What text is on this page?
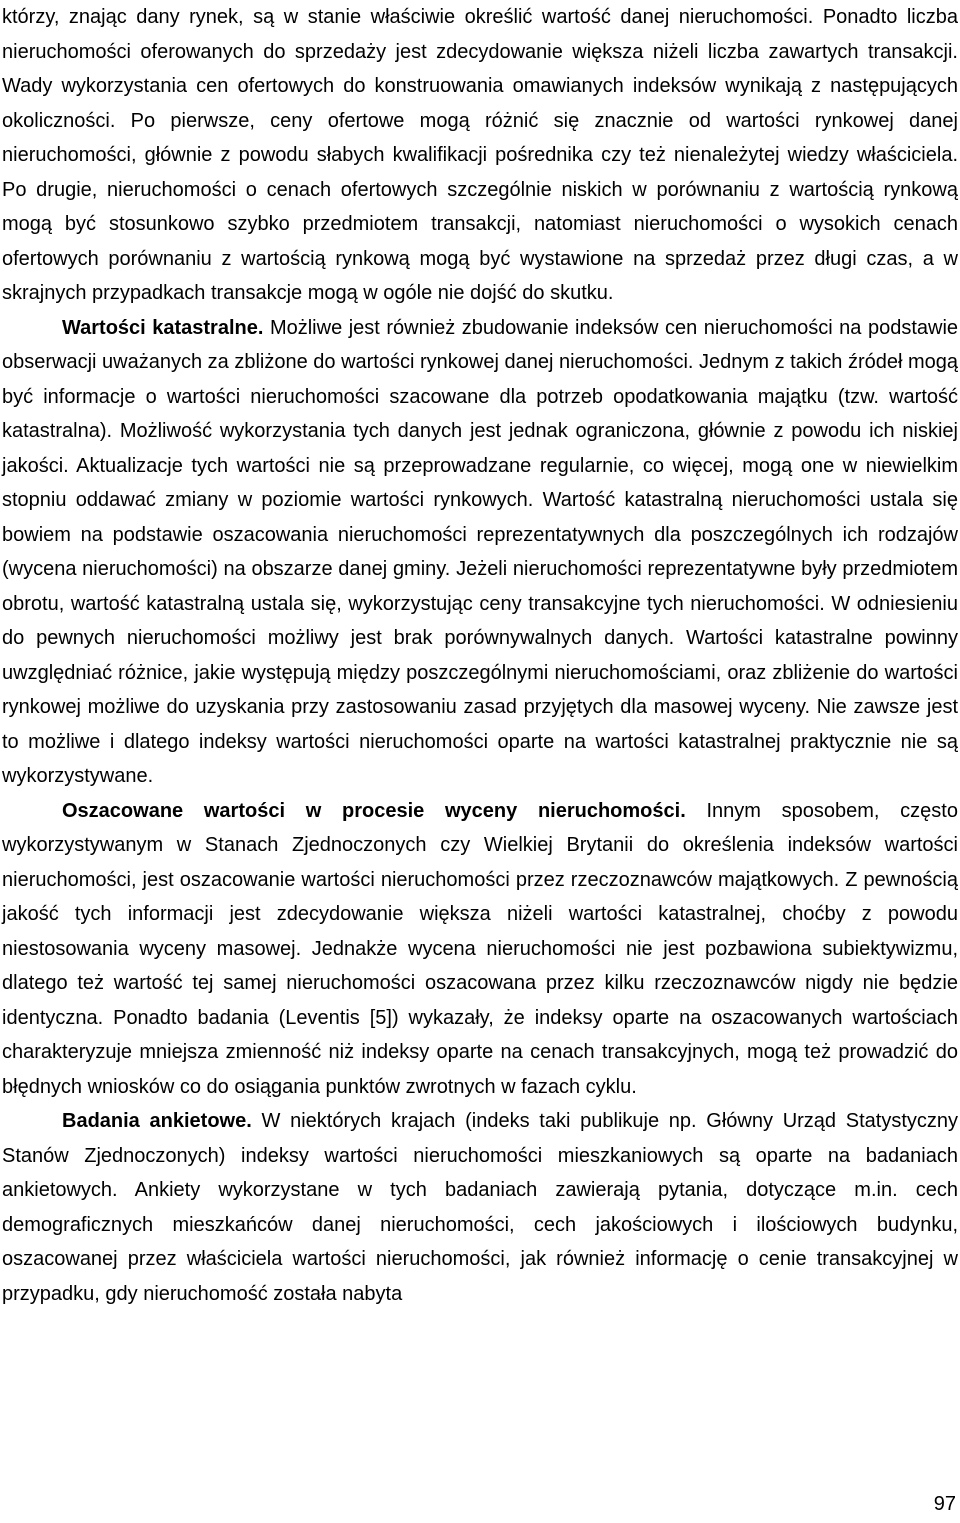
którzy, znając dany rynek, są w stanie właściwie określić wartość danej nieruchomości. Ponadto liczba nieruchomości oferowanych do sprzedaży jest zdecydowanie większa niżeli liczba zawartych transakcji. Wady wykorzystania cen ofertowych do konstruowania omawianych indeksów wynikają z następujących okoliczności. Po pierwsze, ceny ofertowe mogą różnić się znacznie od wartości rynkowej danej nieruchomości, głównie z powodu słabych kwalifikacji pośrednika czy też nienależytej wiedzy właściciela. Po drugie, nieruchomości o cenach ofertowych szczególnie niskich w porównaniu z wartością rynkową mogą być stosunkowo szybko przedmiotem transakcji, natomiast nieruchomości o wysokich cenach ofertowych porównaniu z wartością rynkową mogą być wystawione na sprzedaż przez długi czas, a w skrajnych przypadkach transakcje mogą w ogóle nie dojść do skutku.

Wartości katastralne. Możliwe jest również zbudowanie indeksów cen nieruchomości na podstawie obserwacji uważanych za zbliżone do wartości rynkowej danej nieruchomości. Jednym z takich źródeł mogą być informacje o wartości nieruchomości szacowane dla potrzeb opodatkowania majątku (tzw. wartość katastralna). Możliwość wykorzystania tych danych jest jednak ograniczona, głównie z powodu ich niskiej jakości. Aktualizacje tych wartości nie są przeprowadzane regularnie, co więcej, mogą one w niewielkim stopniu oddawać zmiany w poziomie wartości rynkowych. Wartość katastralną nieruchomości ustala się bowiem na podstawie oszacowania nieruchomości reprezentatywnych dla poszczególnych ich rodzajów (wycena nieruchomości) na obszarze danej gminy. Jeżeli nieruchomości reprezentatywne były przedmiotem obrotu, wartość katastralną ustala się, wykorzystując ceny transakcyjne tych nieruchomości. W odniesieniu do pewnych nieruchomości możliwy jest brak porównywalnych danych. Wartości katastralne powinny uwzględniać różnice, jakie występują między poszczególnymi nieruchomościami, oraz zbliżenie do wartości rynkowej możliwe do uzyskania przy zastosowaniu zasad przyjętych dla masowej wyceny. Nie zawsze jest to możliwe i dlatego indeksy wartości nieruchomości oparte na wartości katastralnej praktycznie nie są wykorzystywane.

Oszacowane wartości w procesie wyceny nieruchomości. Innym sposobem, często wykorzystywanym w Stanach Zjednoczonych czy Wielkiej Brytanii do określenia indeksów wartości nieruchomości, jest oszacowanie wartości nieruchomości przez rzeczoznawców majątkowych. Z pewnością jakość tych informacji jest zdecydowanie większa niżeli wartości katastralnej, choćby z powodu niestosowania wyceny masowej. Jednakże wycena nieruchomości nie jest pozbawiona subiektywizmu, dlatego też wartość tej samej nieruchomości oszacowana przez kilku rzeczoznawców nigdy nie będzie identyczna. Ponadto badania (Leventis [5]) wykazały, że indeksy oparte na oszacowanych wartościach charakteryzuje mniejsza zmienność niż indeksy oparte na cenach transakcyjnych, mogą też prowadzić do błędnych wniosków co do osiągania punktów zwrotnych w fazach cyklu.

Badania ankietowe. W niektórych krajach (indeks taki publikuje np. Główny Urząd Statystyczny Stanów Zjednoczonych) indeksy wartości nieruchomości mieszkaniowych są oparte na badaniach ankietowych. Ankiety wykorzystane w tych badaniach zawierają pytania, dotyczące m.in. cech demograficznych mieszkańców danej nieruchomości, cech jakościowych i ilościowych budynku, oszacowanej przez właściciela wartości nieruchomości, jak również informację o cenie transakcyjnej w przypadku, gdy nieruchomość została nabyta

97
